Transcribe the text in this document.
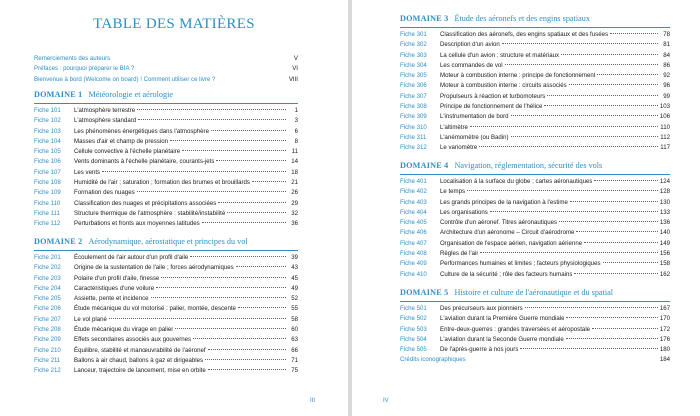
TABLE DES MATIÈRES
Remerciements des auteurs	V
Préfaces : pourquoi préparer le BIA ?	VI
Bienvenue à bord (Welcome on board) ! Comment utiliser ce livre ?	VIII
DOMAINE 1 Météorologie et aérologie
Fiche 101	L'atmosphère terrestre	1
Fiche 102	L'atmosphère standard	3
Fiche 103	Les phénomènes énergétiques dans l'atmosphère	6
Fiche 104	Masses d'air et champ de pression	8
Fiche 105	Cellule convective à l'échelle planétaire	11
Fiche 106	Vents dominants à l'échelle planétaire, courants-jets	14
Fiche 107	Les vents	18
Fiche 108	Humidité de l'air ; saturation ; formation des brumes et brouillards	21
Fiche 109	Formation des nuages	26
Fiche 110	Classification des nuages et précipitations associées	29
Fiche 111	Structure thermique de l'atmosphère : stabilité/instabilité	32
Fiche 112	Perturbations et fronts aux moyennes latitudes	36
DOMAINE 2 Aérodynamique, aérostatique et principes du vol
Fiche 201	Écoulement de l'air autour d'un profil d'aile	39
Fiche 202	Origine de la sustentation de l'aile ; forces aérodynamiques	43
Fiche 203	Polaire d'un profil d'aile, finesse	45
Fiche 204	Caractéristiques d'une voilure	49
Fiche 205	Assiette, pente et incidence	52
Fiche 206	Étude mécanique du vol motorisé : palier, montée, descente	55
Fiche 207	Le vol plané	58
Fiche 208	Étude mécanique du virage en palier	60
Fiche 209	Effets secondaires associés aux gouvernes	63
Fiche 210	Équilibre, stabilité et manœuvrabilité de l'aéronef	66
Fiche 211	Ballons à air chaud, ballons à gaz et dirigeables	71
Fiche 212	Lanceur, trajectoire de lancement, mise en orbite	75
DOMAINE 3 Étude des aéronefs et des engins spatiaux
Fiche 301	Classification des aéronefs, des engins spatiaux et des fusées	78
Fiche 302	Description d'un avion	81
Fiche 303	La cellule d'un avion : structure et matériaux	84
Fiche 304	Les commandes de vol	86
Fiche 305	Moteur à combustion interne : principe de fonctionnement	92
Fiche 306	Moteur à combustion interne : circuits associés	96
Fiche 307	Propulseurs à réaction et turbomoteurs	99
Fiche 308	Principe de fonctionnement de l'hélice	103
Fiche 309	L'instrumentation de bord	106
Fiche 310	L'altimètre	110
Fiche 311	L'anémomètre (ou Badin)	112
Fiche 312	Le variomètre	117
DOMAINE 4 Navigation, réglementation, sécurité des vols
Fiche 401	Localisation à la surface du globe ; cartes aéronautiques	124
Fiche 402	Le temps	128
Fiche 403	Les grands principes de la navigation à l'estime	130
Fiche 404	Les organisations	133
Fiche 405	Contrôle d'un aéronef. Titres aéronautiques	136
Fiche 406	Architecture d'un aéronome – Circuit d'aérodrome	140
Fiche 407	Organisation de l'espace aérien, navigation aérienne	149
Fiche 408	Règles de l'air	156
Fiche 409	Performances humaines et limites ; facteurs physiologiques	158
Fiche 410	Culture de la sécurité ; rôle des facteurs humains	162
DOMAINE 5 Histoire et culture de l'aéronautique et du spatial
Fiche 501	Des précurseurs aux pionniers	167
Fiche 502	L'aviation durant la Première Guerre mondiale	170
Fiche 503	Entre-deux-guerres : grandes traversées et aéropostale	172
Fiche 504	L'aviation durant la Seconde Guerre mondiale	176
Fiche 505	De l'après-guerre à nos jours	180
Crédits iconographiques	184
III	IV
